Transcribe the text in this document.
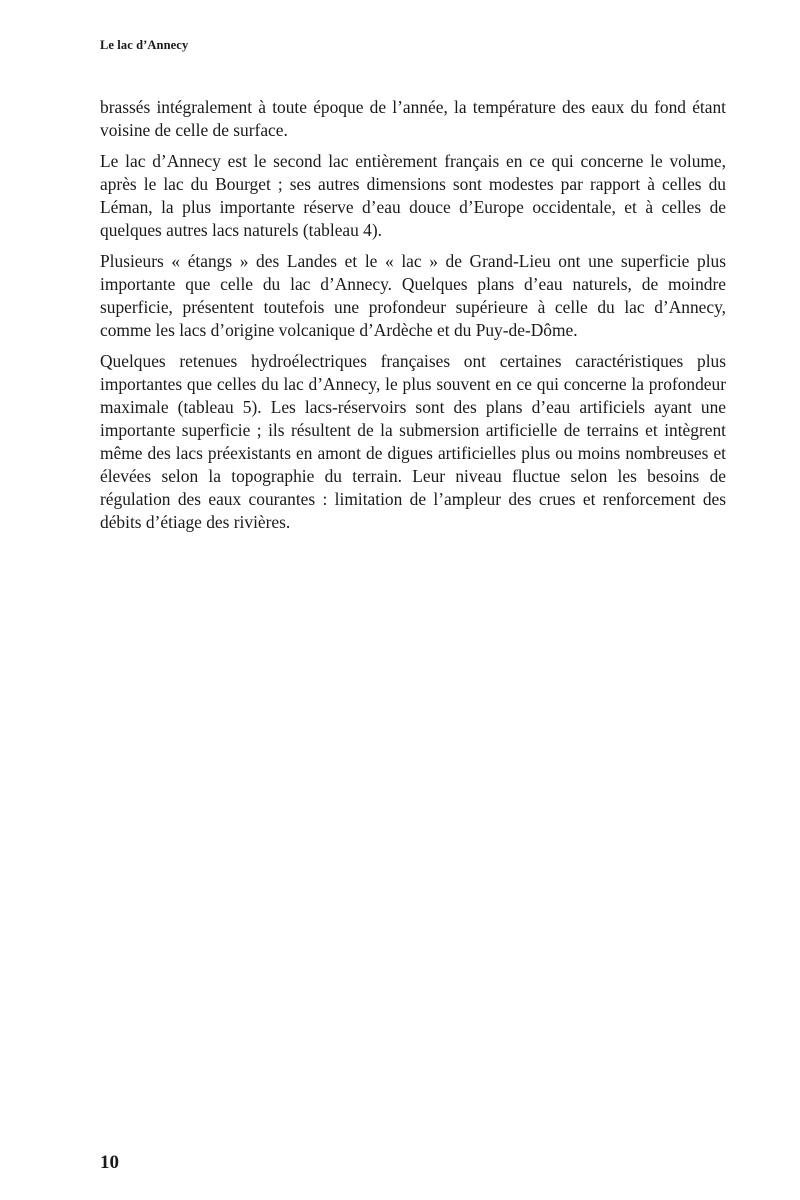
Le lac d’Annecy

brassés intégralement à toute époque de l’année, la température des eaux du fond étant voisine de celle de surface.

Le lac d’Annecy est le second lac entièrement français en ce qui concerne le volume, après le lac du Bourget ; ses autres dimensions sont modestes par rapport à celles du Léman, la plus importante réserve d’eau douce d’Europe occidentale, et à celles de quelques autres lacs naturels (tableau 4).

Plusieurs « étangs » des Landes et le « lac » de Grand-Lieu ont une superficie plus importante que celle du lac d’Annecy. Quelques plans d’eau naturels, de moindre superficie, présentent toutefois une profondeur supérieure à celle du lac d’Annecy, comme les lacs d’origine volcanique d’Ardèche et du Puy-de-Dôme.

Quelques retenues hydroélectriques françaises ont certaines caractéristiques plus importantes que celles du lac d’Annecy, le plus souvent en ce qui concerne la profondeur maximale (tableau 5). Les lacs-réservoirs sont des plans d’eau artificiels ayant une importante superficie ; ils résultent de la submersion artificielle de terrains et intègrent même des lacs préexistants en amont de digues artificielles plus ou moins nombreuses et élevées selon la topographie du terrain. Leur niveau fluctue selon les besoins de régulation des eaux courantes : limitation de l’ampleur des crues et renforcement des débits d’étiage des rivières.

10
